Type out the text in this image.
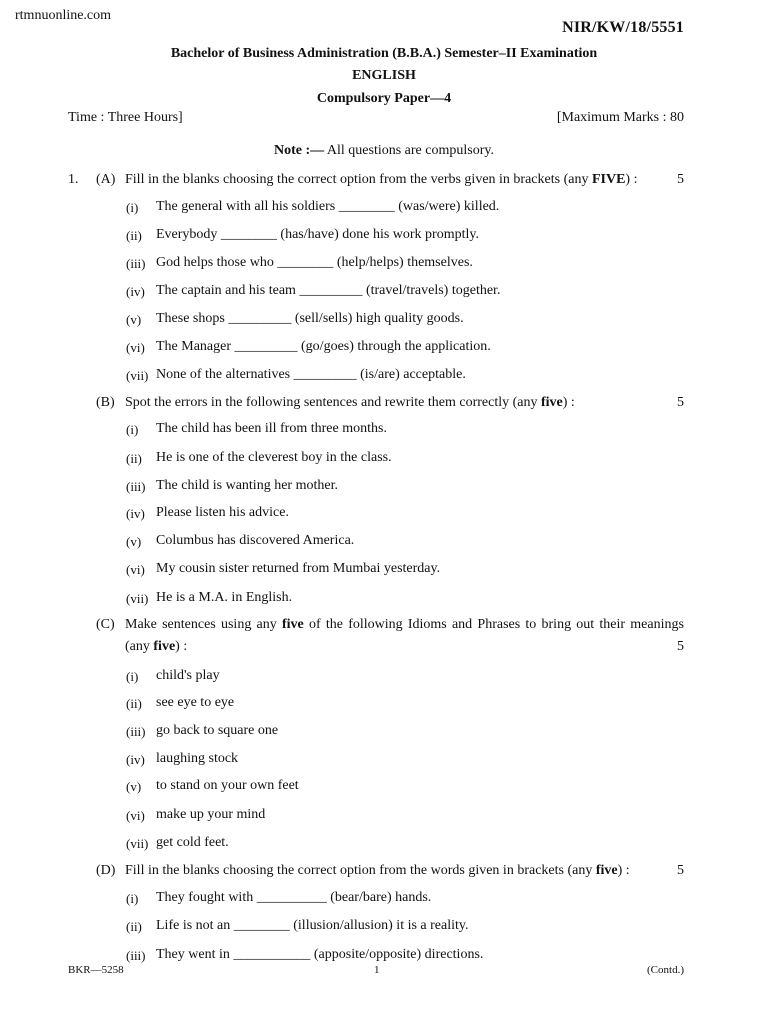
rtmnuonline.com
NIR/KW/18/5551
Bachelor of Business Administration (B.B.A.) Semester–II Examination
ENGLISH
Compulsory Paper—4
Time : Three Hours]	[Maximum Marks : 80
Note :— All questions are compulsory.
1. (A) Fill in the blanks choosing the correct option from the verbs given in brackets (any FIVE) :	5
(i) The general with all his soldiers ________ (was/were) killed.
(ii) Everybody ________ (has/have) done his work promptly.
(iii) God helps those who ________ (help/helps) themselves.
(iv) The captain and his team _________ (travel/travels) together.
(v) These shops _________ (sell/sells) high quality goods.
(vi) The Manager _________ (go/goes) through the application.
(vii) None of the alternatives _________ (is/are) acceptable.
(B) Spot the errors in the following sentences and rewrite them correctly (any five) :	5
(i) The child has been ill from three months.
(ii) He is one of the cleverest boy in the class.
(iii) The child is wanting her mother.
(iv) Please listen his advice.
(v) Columbus has discovered America.
(vi) My cousin sister returned from Mumbai yesterday.
(vii) He is a M.A. in English.
(C) Make sentences using any five of the following Idioms and Phrases to bring out their meanings
(any five) :	5
(i) child's play
(ii) see eye to eye
(iii) go back to square one
(iv) laughing stock
(v) to stand on your own feet
(vi) make up your mind
(vii) get cold feet.
(D) Fill in the blanks choosing the correct option from the words given in brackets (any five) :	5
(i) They fought with __________ (bear/bare) hands.
(ii) Life is not an ________ (illusion/allusion) it is a reality.
(iii) They went in ___________ (apposite/opposite) directions.
BKR—5258	1	(Contd.)
